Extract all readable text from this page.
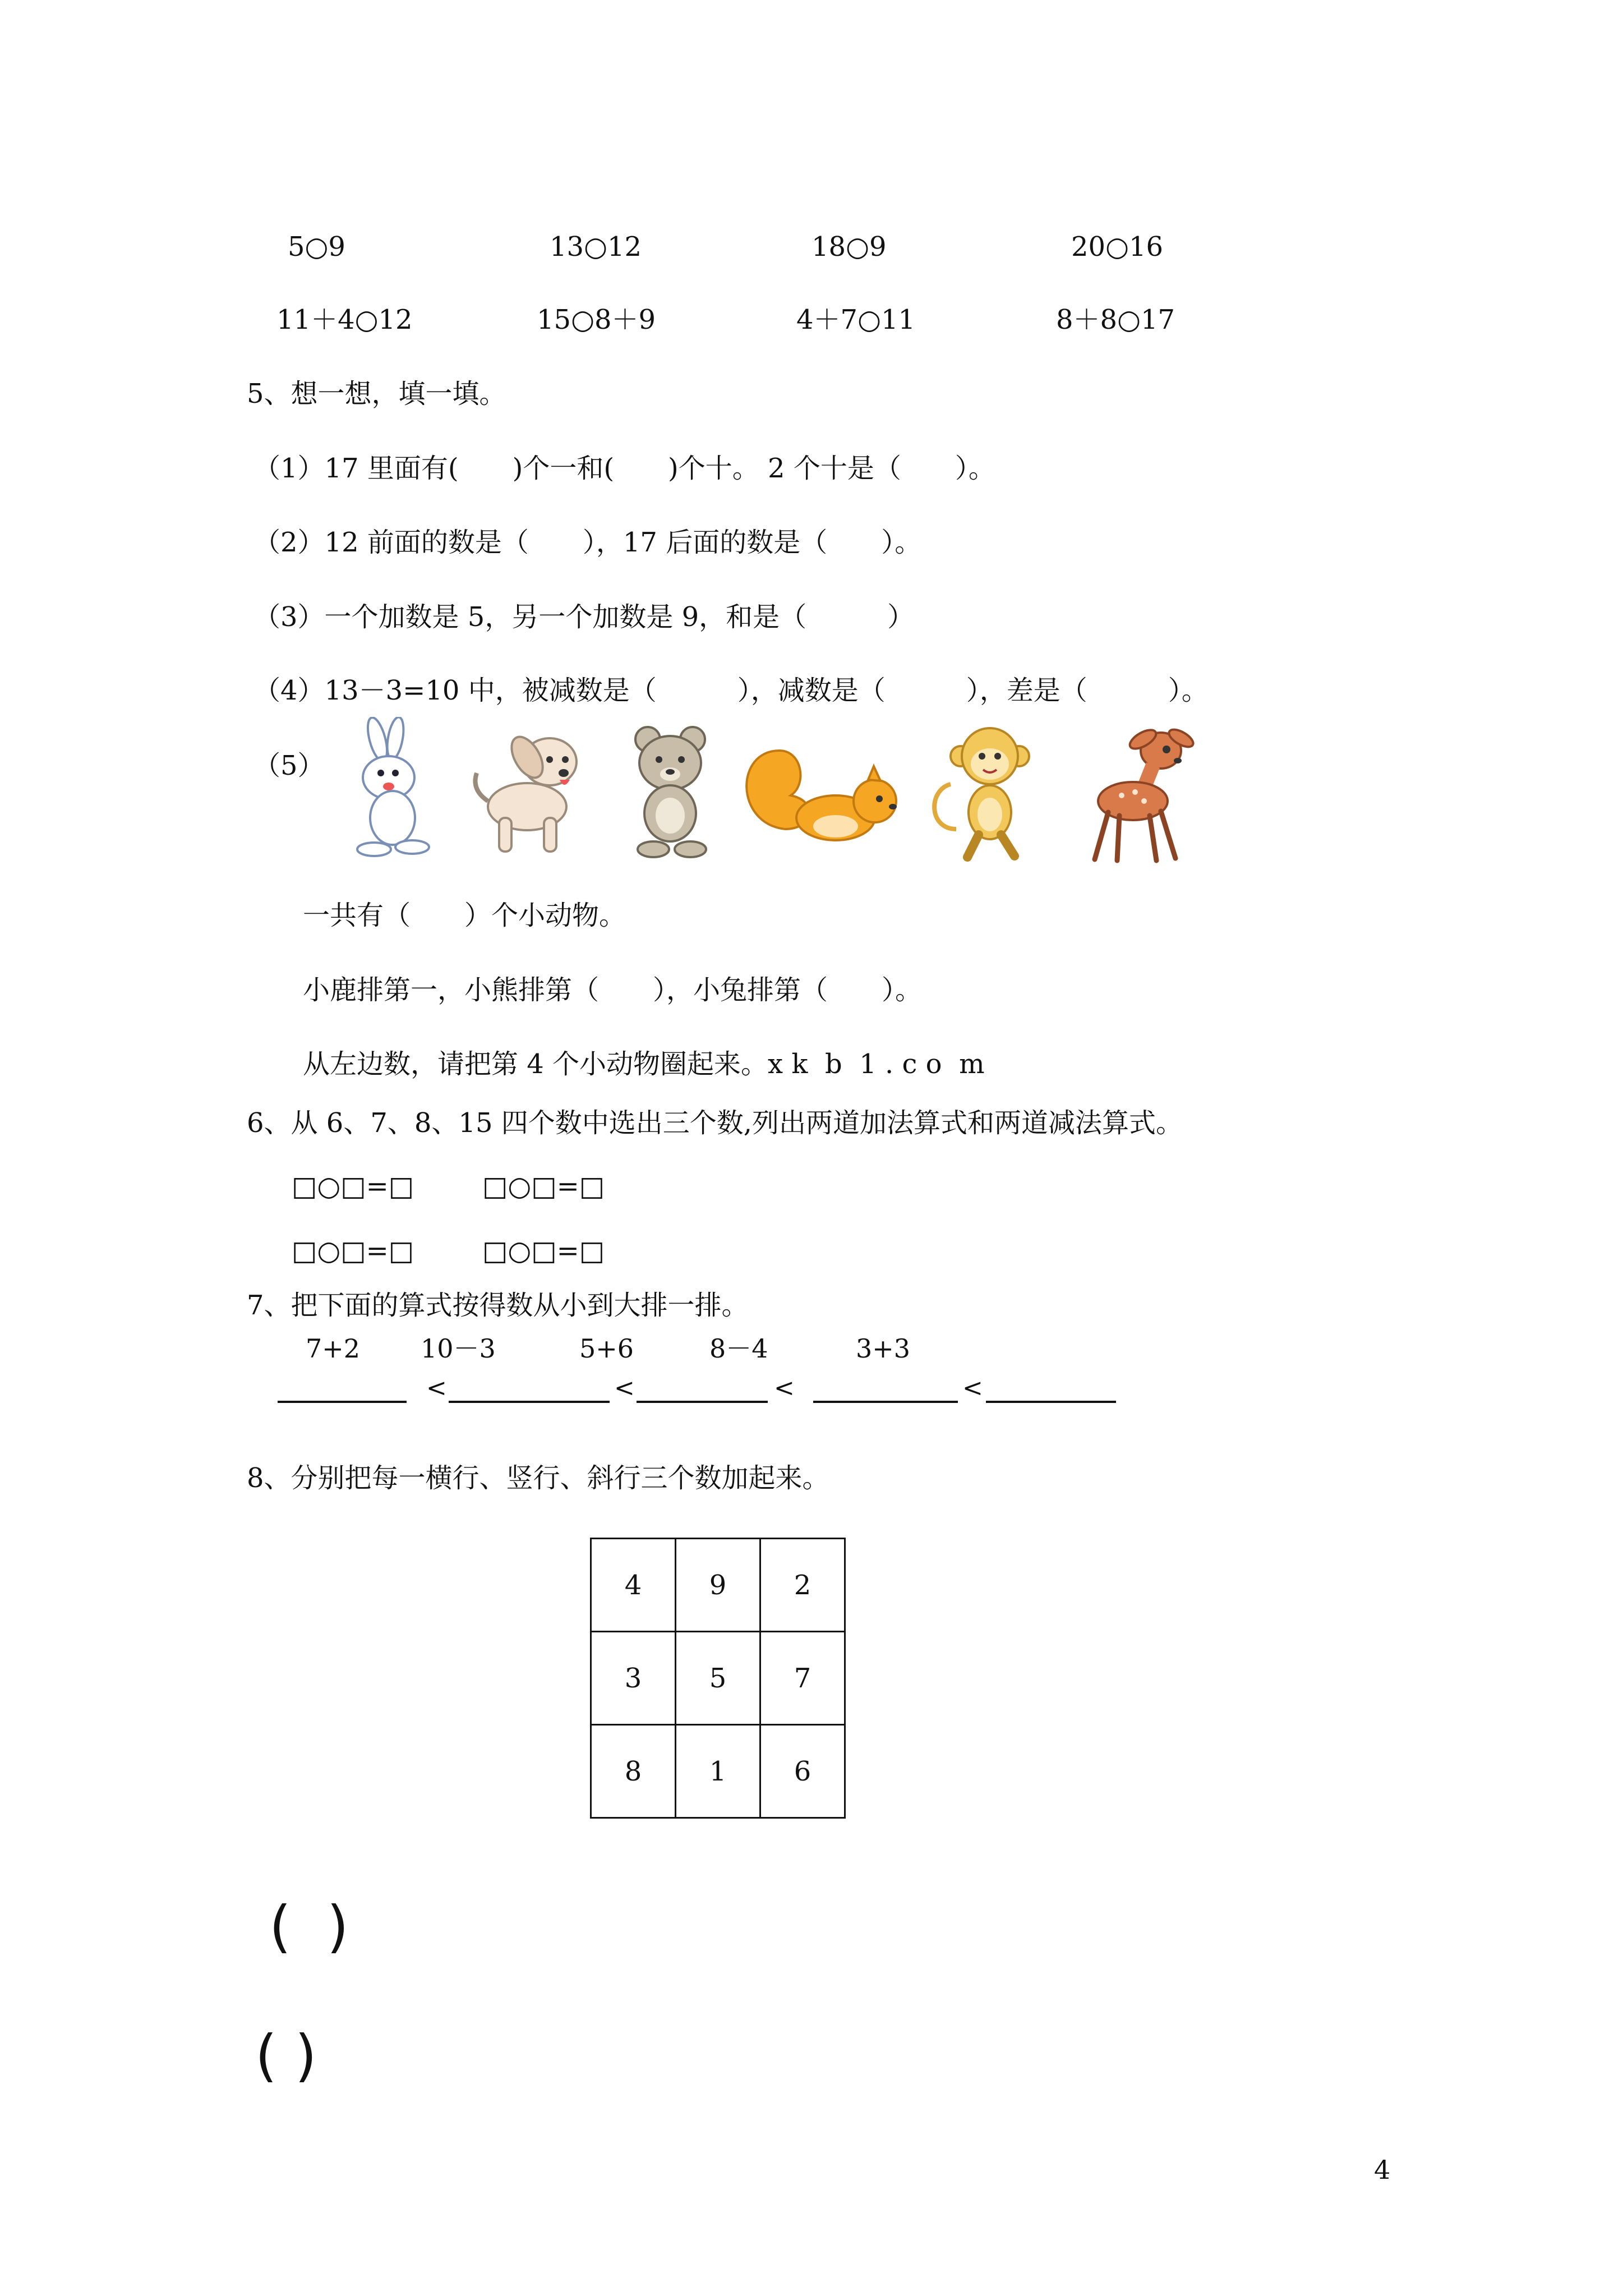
5○9	13○12	18○9	20○16
11＋4○12	15○8＋9	4＋7○11	8＋8○17
5、想一想，填一填。
（1）17 里面有(　　)个一和(　　)个十。 2 个十是（　　）。
（2）12 前面的数是（　　），17 后面的数是（　　）。
（3）一个加数是 5，另一个加数是 9，和是（　　　）
（4）13－3=10 中，被减数是（　　　），减数是（　　　），差是（　　　）。
（5）
一共有（　　）个小动物。
小鹿排第一，小熊排第（　　），小兔排第（　　）。
从左边数，请把第 4 个小动物圈起来。x k  b  1 . c o  m
6、从 6、7、8、15 四个数中选出三个数,列出两道加法算式和两道减法算式。
□○□=□	□○□=□
□○□=□	□○□=□
7、把下面的算式按得数从小到大排一排。
7+2 10－3	5+6	8－4	3+3
<	<	<	<
8、分别把每一横行、竖行、斜行三个数加起来。
4	9	2
3	5	7
8	1	6
(  )
( )
4
